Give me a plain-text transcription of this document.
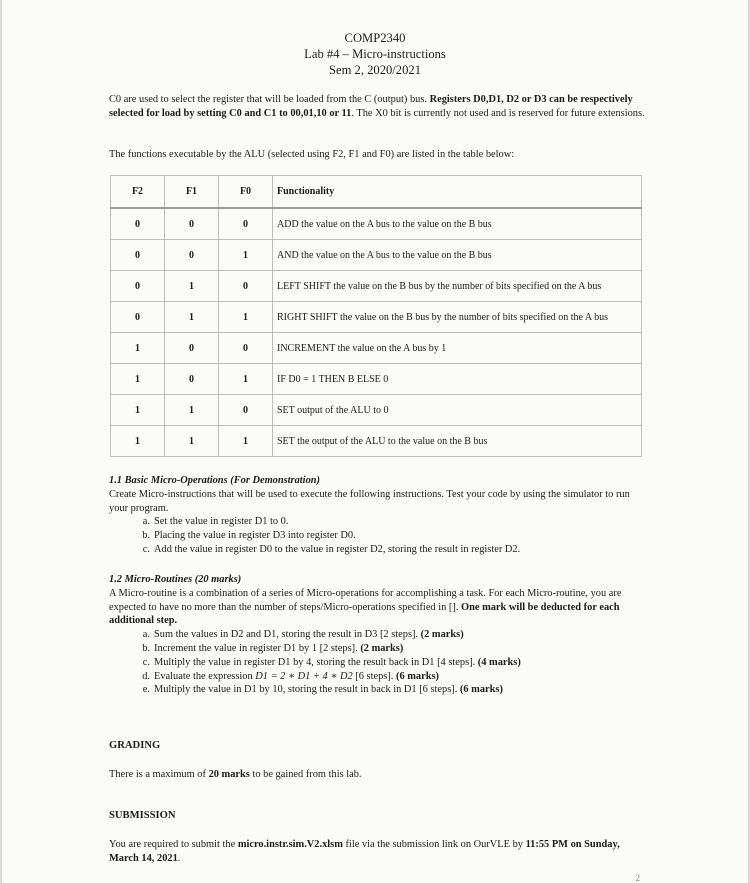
COMP2340
Lab #4 – Micro-instructions
Sem 2, 2020/2021
C0 are used to select the register that will be loaded from the C (output) bus. Registers D0,D1, D2 or D3 can be respectively selected for load by setting C0 and C1 to 00,01,10 or 11. The X0 bit is currently not used and is reserved for future extensions.
The functions executable by the ALU (selected using F2, F1 and F0) are listed in the table below:
F2	F1	F0	Functionality
0	0	0	ADD the value on the A bus to the value on the B bus
0	0	1	AND the value on the A bus to the value on the B bus
0	1	0	LEFT SHIFT the value on the B bus by the number of bits specified on the A bus
0	1	1	RIGHT SHIFT the value on the B bus by the number of bits specified on the A bus
1	0	0	INCREMENT the value on the A bus by 1
1	0	1	IF D0 = 1 THEN B ELSE 0
1	1	0	SET output of the ALU to 0
1	1	1	SET the output of the ALU to the value on the B bus
1.1 Basic Micro-Operations (For Demonstration)
Create Micro-instructions that will be used to execute the following instructions. Test your code by using the simulator to run your program.
a. Set the value in register D1 to 0.
b. Placing the value in register D3 into register D0.
c. Add the value in register D0 to the value in register D2, storing the result in register D2.
1.2 Micro-Routines (20 marks)
A Micro-routine is a combination of a series of Micro-operations for accomplishing a task. For each Micro-routine, you are expected to have no more than the number of steps/Micro-operations specified in []. One mark will be deducted for each additional step.
a. Sum the values in D2 and D1, storing the result in D3 [2 steps]. (2 marks)
b. Increment the value in register D1 by 1 [2 steps]. (2 marks)
c. Multiply the value in register D1 by 4, storing the result back in D1 [4 steps]. (4 marks)
d. Evaluate the expression D1 = 2 ∗ D1 + 4 ∗ D2 [6 steps]. (6 marks)
e. Multiply the value in D1 by 10, storing the result in back in D1 [6 steps]. (6 marks)
GRADING
There is a maximum of 20 marks to be gained from this lab.
SUBMISSION
You are required to submit the micro.instr.sim.V2.xlsm file via the submission link on OurVLE by 11:55 PM on Sunday, March 14, 2021.
2
